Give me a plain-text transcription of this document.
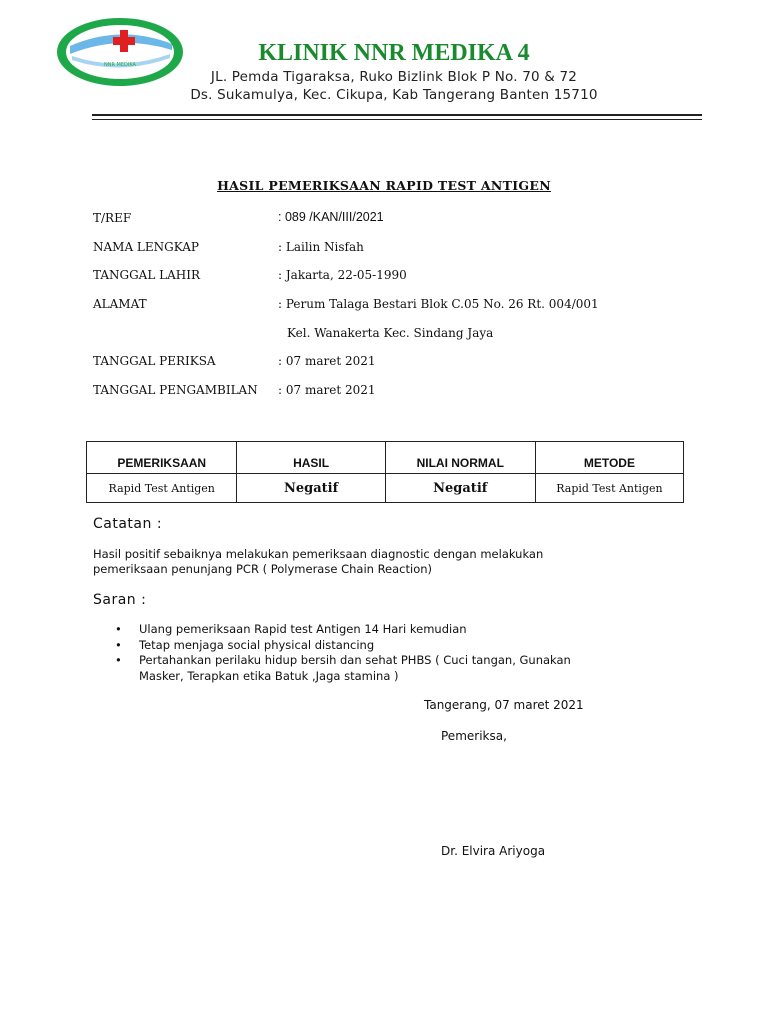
NNR MEDIKA	KLINIK NNR MEDIKA 4
JL. Pemda Tigaraksa, Ruko Bizlink Blok P No. 70 & 72
Ds. Sukamulya, Kec. Cikupa, Kab Tangerang Banten 15710
HASIL PEMERIKSAAN RAPID TEST ANTIGEN
T/REF	: 089 /KAN/III/2021
NAMA LENGKAP	: Lailin Nisfah
TANGGAL LAHIR	: Jakarta, 22-05-1990
ALAMAT	: Perum Talaga Bestari Blok C.05 No. 26 Rt. 004/001
Kel. Wanakerta Kec. Sindang Jaya
TANGGAL PERIKSA	: 07 maret 2021
TANGGAL PENGAMBILAN : 07 maret 2021
PEMERIKSAAN	HASIL	NILAI NORMAL	METODE
Rapid Test Antigen	Negatif	Negatif	Rapid Test Antigen
Catatan :
Hasil positif sebaiknya melakukan pemeriksaan diagnostic dengan melakukan
pemeriksaan penunjang PCR ( Polymerase Chain Reaction)
Saran :
• Ulang pemeriksaan Rapid test Antigen 14 Hari kemudian
• Tetap menjaga social physical distancing
• Pertahankan perilaku hidup bersih dan sehat PHBS ( Cuci tangan, Gunakan Masker, Terapkan etika Batuk ,Jaga stamina )
Tangerang, 07 maret 2021
Pemeriksa,
Dr. Elvira Ariyoga
